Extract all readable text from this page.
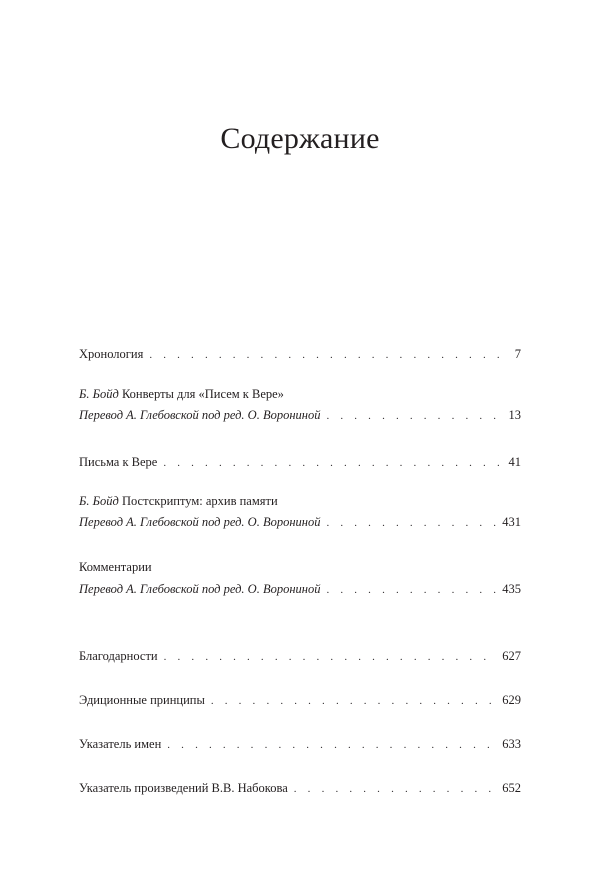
Содержание
Хронология . . .	7
Б. Бойд Конверты для «Писем к Вере»
Перевод А. Глебовской под ред. О. Ворониной . . .	13
Письма к Вере . . .	41
Б. Бойд Постскриптум: архив памяти
Перевод А. Глебовской под ред. О. Ворониной . . .	431
Комментарии
Перевод А. Глебовской под ред. О. Ворониной . . .	435
Благодарности . . .	627
Эдиционные принципы . . .	629
Указатель имен . . .	633
Указатель произведений В.В. Набокова . . .	652
